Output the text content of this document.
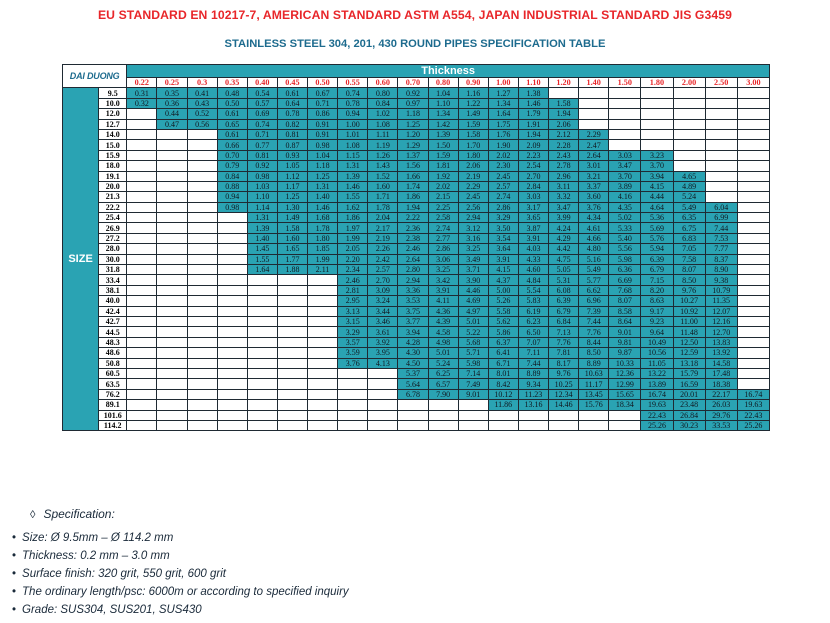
EU STANDARD EN 10217-7, AMERICAN STANDARD ASTM A554, JAPAN INDUSTRIAL STANDARD JIS G3459
STAINLESS STEEL 304, 201, 430 ROUND PIPES SPECIFICATION TABLE
DAI DUONG		Thickness																				
		0.22	0.25	0.3	0.35	0.40	0.45	0.50	0.55	0.60	0.70	0.80	0.90	1.00	1.10	1.20	1.40	1.50	1.80	2.00	2.50	3.00
SIZE	9.5	0.31	0.35	0.41	0.48	0.54	0.61	0.67	0.74	0.80	0.92	1.04	1.16	1.27	1.38							
	10.0	0.32	0.36	0.43	0.50	0.57	0.64	0.71	0.78	0.84	0.97	1.10	1.22	1.34	1.46	1.58						
	12.0		0.44	0.52	0.61	0.69	0.78	0.86	0.94	1.02	1.18	1.34	1.49	1.64	1.79	1.94						
	12.7		0.47	0.56	0.65	0.74	0.82	0.91	1.00	1.08	1.25	1.42	1.59	1.75	1.91	2.06						
	14.0				0.61	0.71	0.81	0.91	1.01	1.11	1.20	1.39	1.58	1.76	1.94	2.12	2.29					
	15.0				0.66	0.77	0.87	0.98	1.08	1.19	1.29	1.50	1.70	1.90	2.09	2.28	2.47					
	15.9				0.70	0.81	0.93	1.04	1.15	1.26	1.37	1.59	1.80	2.02	2.23	2.43	2.64	3.03	3.23			
	18.0				0.79	0.92	1.05	1.18	1.31	1.43	1.56	1.81	2.06	2.30	2.54	2.78	3.01	3.47	3.70			
	19.1				0.84	0.98	1.12	1.25	1.39	1.52	1.66	1.92	2.19	2.45	2.70	2.96	3.21	3.70	3.94	4.65		
	20.0				0.88	1.03	1.17	1.31	1.46	1.60	1.74	2.02	2.29	2.57	2.84	3.11	3.37	3.89	4.15	4.89		
	21.3				0.94	1.10	1.25	1.40	1.55	1.71	1.86	2.15	2.45	2.74	3.03	3.32	3.60	4.16	4.44	5.24		
	22.2				0.98	1.14	1.30	1.46	1.62	1.78	1.94	2.25	2.56	2.86	3.17	3.47	3.76	4.35	4.64	5.49	6.04	
	25.4					1.31	1.49	1.68	1.86	2.04	2.22	2.58	2.94	3.29	3.65	3.99	4.34	5.02	5.36	6.35	6.99	
	26.9					1.39	1.58	1.78	1.97	2.17	2.36	2.74	3.12	3.50	3.87	4.24	4.61	5.33	5.69	6.75	7.44	
	27.2					1.40	1.60	1.80	1.99	2.19	2.38	2.77	3.16	3.54	3.91	4.29	4.66	5.40	5.76	6.83	7.53	
	28.0					1.45	1.65	1.85	2.05	2.26	2.46	2.86	3.25	3.64	4.03	4.42	4.80	5.56	5.94	7.05	7.77	
	30.0					1.55	1.77	1.99	2.20	2.42	2.64	3.06	3.49	3.91	4.33	4.75	5.16	5.98	6.39	7.58	8.37	
	31.8					1.64	1.88	2.11	2.34	2.57	2.80	3.25	3.71	4.15	4.60	5.05	5.49	6.36	6.79	8.07	8.90	
	33.4								2.46	2.70	2.94	3.42	3.90	4.37	4.84	5.31	5.77	6.69	7.15	8.50	9.38	
	38.1								2.81	3.09	3.36	3.91	4.46	5.00	5.54	6.08	6.62	7.68	8.20	9.76	10.79	
	40.0								2.95	3.24	3.53	4.11	4.69	5.26	5.83	6.39	6.96	8.07	8.63	10.27	11.35	
	42.4								3.13	3.44	3.75	4.36	4.97	5.58	6.19	6.79	7.39	8.58	9.17	10.92	12.07	
	42.7								3.15	3.46	3.77	4.39	5.01	5.62	6.23	6.84	7.44	8.64	9.23	11.00	12.16	
	44.5								3.29	3.61	3.94	4.58	5.22	5.86	6.50	7.13	7.76	9.01	9.64	11.48	12.70	
	48.3								3.57	3.92	4.28	4.98	5.68	6.37	7.07	7.76	8.44	9.81	10.49	12.50	13.83	
	48.6								3.59	3.95	4.30	5.01	5.71	6.41	7.11	7.81	8.50	9.87	10.56	12.59	13.92	
	50.8								3.76	4.13	4.50	5.24	5.98	6.71	7.44	8.17	8.89	10.33	11.05	13.18	14.58	
	60.5										5.37	6.25	7.14	8.01	8.89	9.76	10.63	12.36	13.22	15.79	17.48	
	63.5										5.64	6.57	7.49	8.42	9.34	10.25	11.17	12.99	13.89	16.59	18.38	
	76.2										6.78	7.90	9.01	10.12	11.23	12.34	13.45	15.65	16.74	20.01	22.17	16.74
	89.1													11.86	13.16	14.46	15.76	18.34	19.63	23.48	26.03	19.63
	101.6																		22.43	26.84	29.76	22.43
	114.2																		25.26	30.23	33.53	25.26
◊ Specification:
• Size: Ø 9.5mm – Ø 114.2 mm
• Thickness: 0.2 mm – 3.0 mm
• Surface finish: 320 grit, 550 grit, 600 grit
• The ordinary length/psc: 6000m or according to specified inquiry
• Grade: SUS304, SUS201, SUS430
